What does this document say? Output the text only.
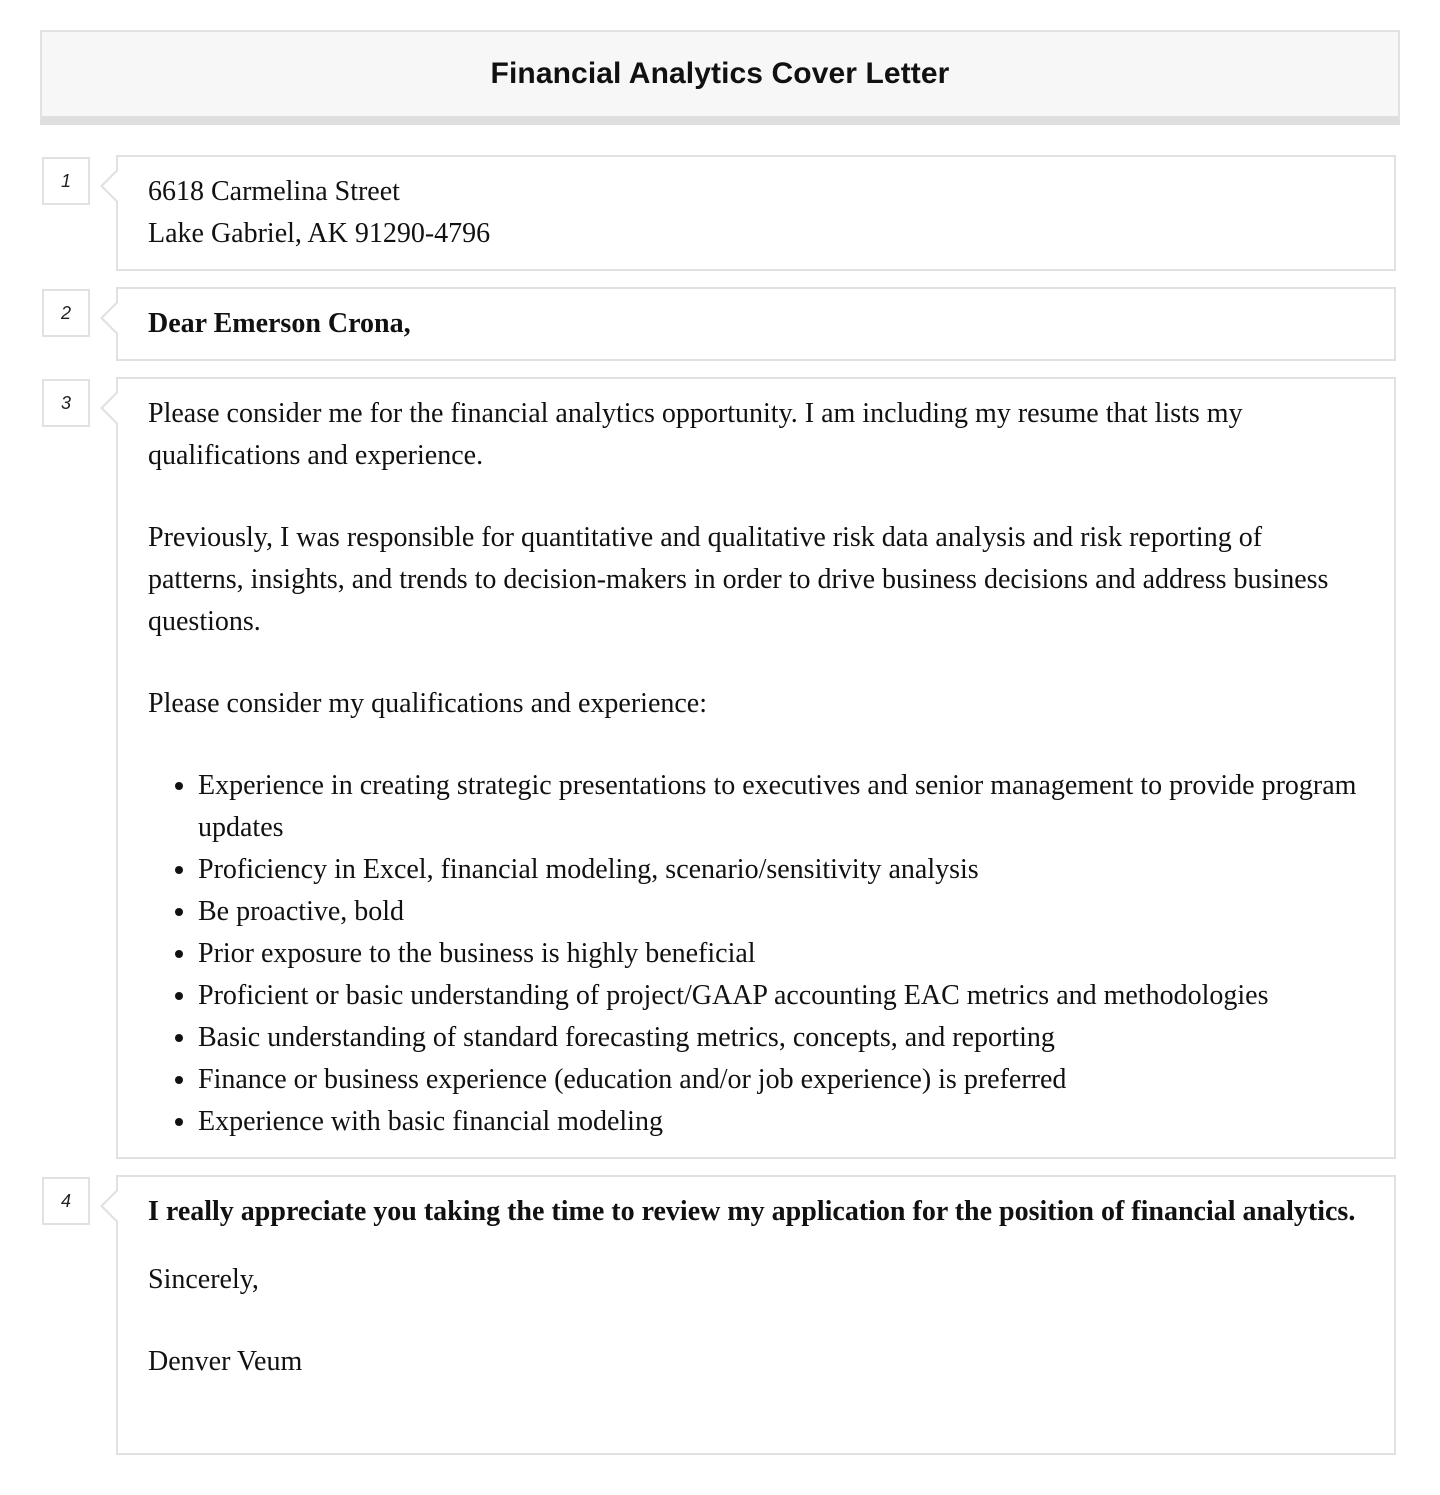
Financial Analytics Cover Letter
1	6618 Carmelina Street

Lake Gabriel, AK 91290-4796

2	Dear Emerson Crona,

3	Please consider me for the financial analytics opportunity. I am including my resume that lists my qualifications and experience.

Previously, I was responsible for quantitative and qualitative risk data analysis and risk reporting of patterns, insights, and trends to decision-makers in order to drive business decisions and address business questions.

Please consider my qualifications and experience:

• Experience in creating strategic presentations to executives and senior management to provide program updates
• Proficiency in Excel, financial modeling, scenario/sensitivity analysis
• Be proactive, bold
• Prior exposure to the business is highly beneficial
• Proficient or basic understanding of project/GAAP accounting EAC metrics and methodologies
• Basic understanding of standard forecasting metrics, concepts, and reporting
• Finance or business experience (education and/or job experience) is preferred
• Experience with basic financial modeling
4	I really appreciate you taking the time to review my application for the position of financial analytics.

Sincerely,

Denver Veum
